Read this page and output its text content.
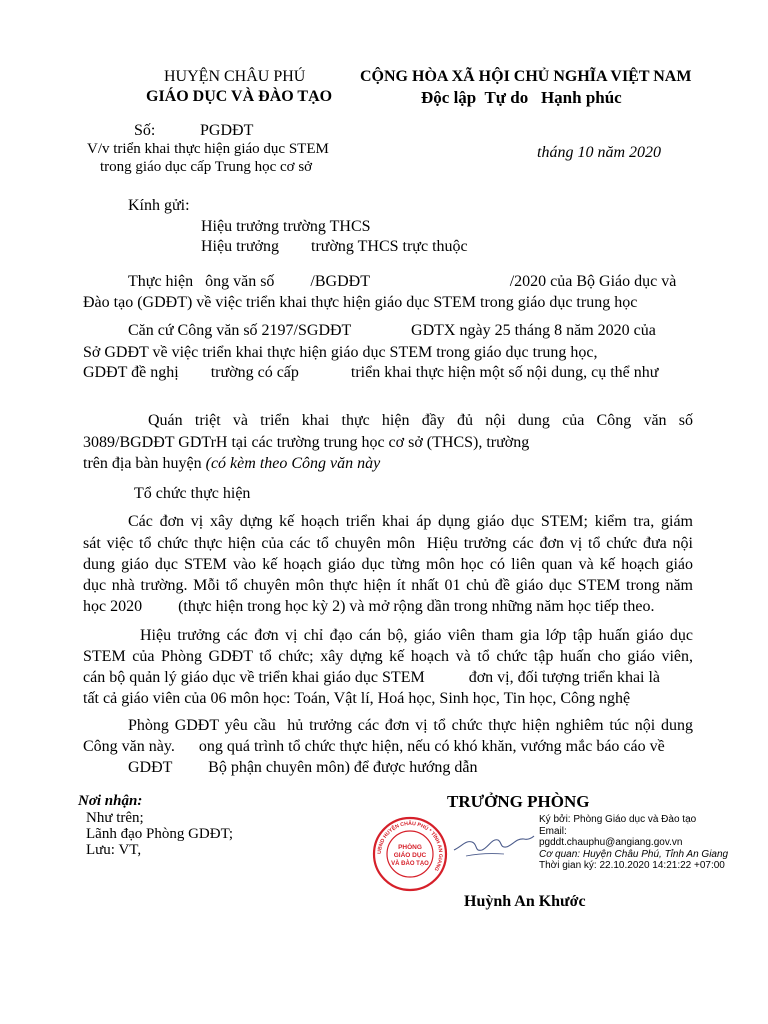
HUYỆN CHÂU PHÚ
GIÁO DỤC VÀ ĐÀO TẠO
Số:	PGDĐT
V/v triển khai thực hiện giáo dục STEM
trong giáo dục cấp Trung học cơ sở
CỘNG HÒA XÃ HỘI CHỦ NGHĨA VIỆT NAM
Độc lập  Tự do   Hạnh phúc
tháng 10 năm 2020
Kính gửi:
Hiệu trưởng trường THCS
Hiệu trưởng        trường THCS trực thuộc
Thực hiện   ông văn số         /BGDĐT                                   /2020 của Bộ Giáo dục và
Đào tạo (GDĐT) về việc triển khai thực hiện giáo dục STEM trong giáo dục trung học
Căn cứ Công văn số 2197/SGDĐT               GDTX ngày 25 tháng 8 năm 2020 của
Sở GDĐT về việc triển khai thực hiện giáo dục STEM trong giáo dục trung học,
GDĐT đề nghị        trường có cấp             triển khai thực hiện một số nội dung, cụ thể như
Quán triệt và triển khai thực hiện đầy đủ nội dung của Công văn số
3089/BGDĐT GDTrH tại các trường trung học cơ sở (THCS), trường
trên địa bàn huyện (có kèm theo Công văn này
Tổ chức thực hiện
Các đơn vị xây dựng kế hoạch triển khai áp dụng giáo dục STEM; kiểm tra, giám
sát việc tổ chức thực hiện của các tổ chuyên môn  Hiệu trưởng các đơn vị tổ chức đưa nội
dung giáo dục STEM vào kế hoạch giáo dục từng môn học có liên quan và kế hoạch giáo
dục nhà trường. Mỗi tổ chuyên môn thực hiện ít nhất 01 chủ đề giáo dục STEM trong năm
học 2020         (thực hiện trong học kỳ 2) và mở rộng dần trong những năm học tiếp theo.
Hiệu trưởng các đơn vị chỉ đạo cán bộ, giáo viên tham gia lớp tập huấn giáo dục
STEM của Phòng GDĐT tổ chức; xây dựng kế hoạch và tổ chức tập huấn cho giáo viên,
cán bộ quản lý giáo dục về triển khai giáo dục STEM           đơn vị, đối tượng triển khai là
tất cả giáo viên của 06 môn học: Toán, Vật lí, Hoá học, Sinh học, Tin học, Công nghệ
Phòng GDĐT yêu cầu  hủ trưởng các đơn vị tổ chức thực hiện nghiêm túc nội dung
Công văn này.      ong quá trình tổ chức thực hiện, nếu có khó khăn, vướng mắc báo cáo về
GDĐT         Bộ phận chuyên môn) để được hướng dẫn
Nơi nhận:
Như trên;
Lãnh đạo Phòng GDĐT;
Lưu: VT,
TRƯỞNG PHÒNG
UBND HUYỆN CHÂU PHÚ * TỈNH AN GIANG
PHÒNG
GIÁO DỤC
VÀ ĐÀO TẠO
Ký bởi: Phòng Giáo dục và Đào tạo
Email:
pgddt.chauphu@angiang.gov.vn
Cơ quan: Huyện Châu Phú, Tỉnh An Giang
Thời gian ký: 22.10.2020 14:21:22 +07:00
Huỳnh An Khước
